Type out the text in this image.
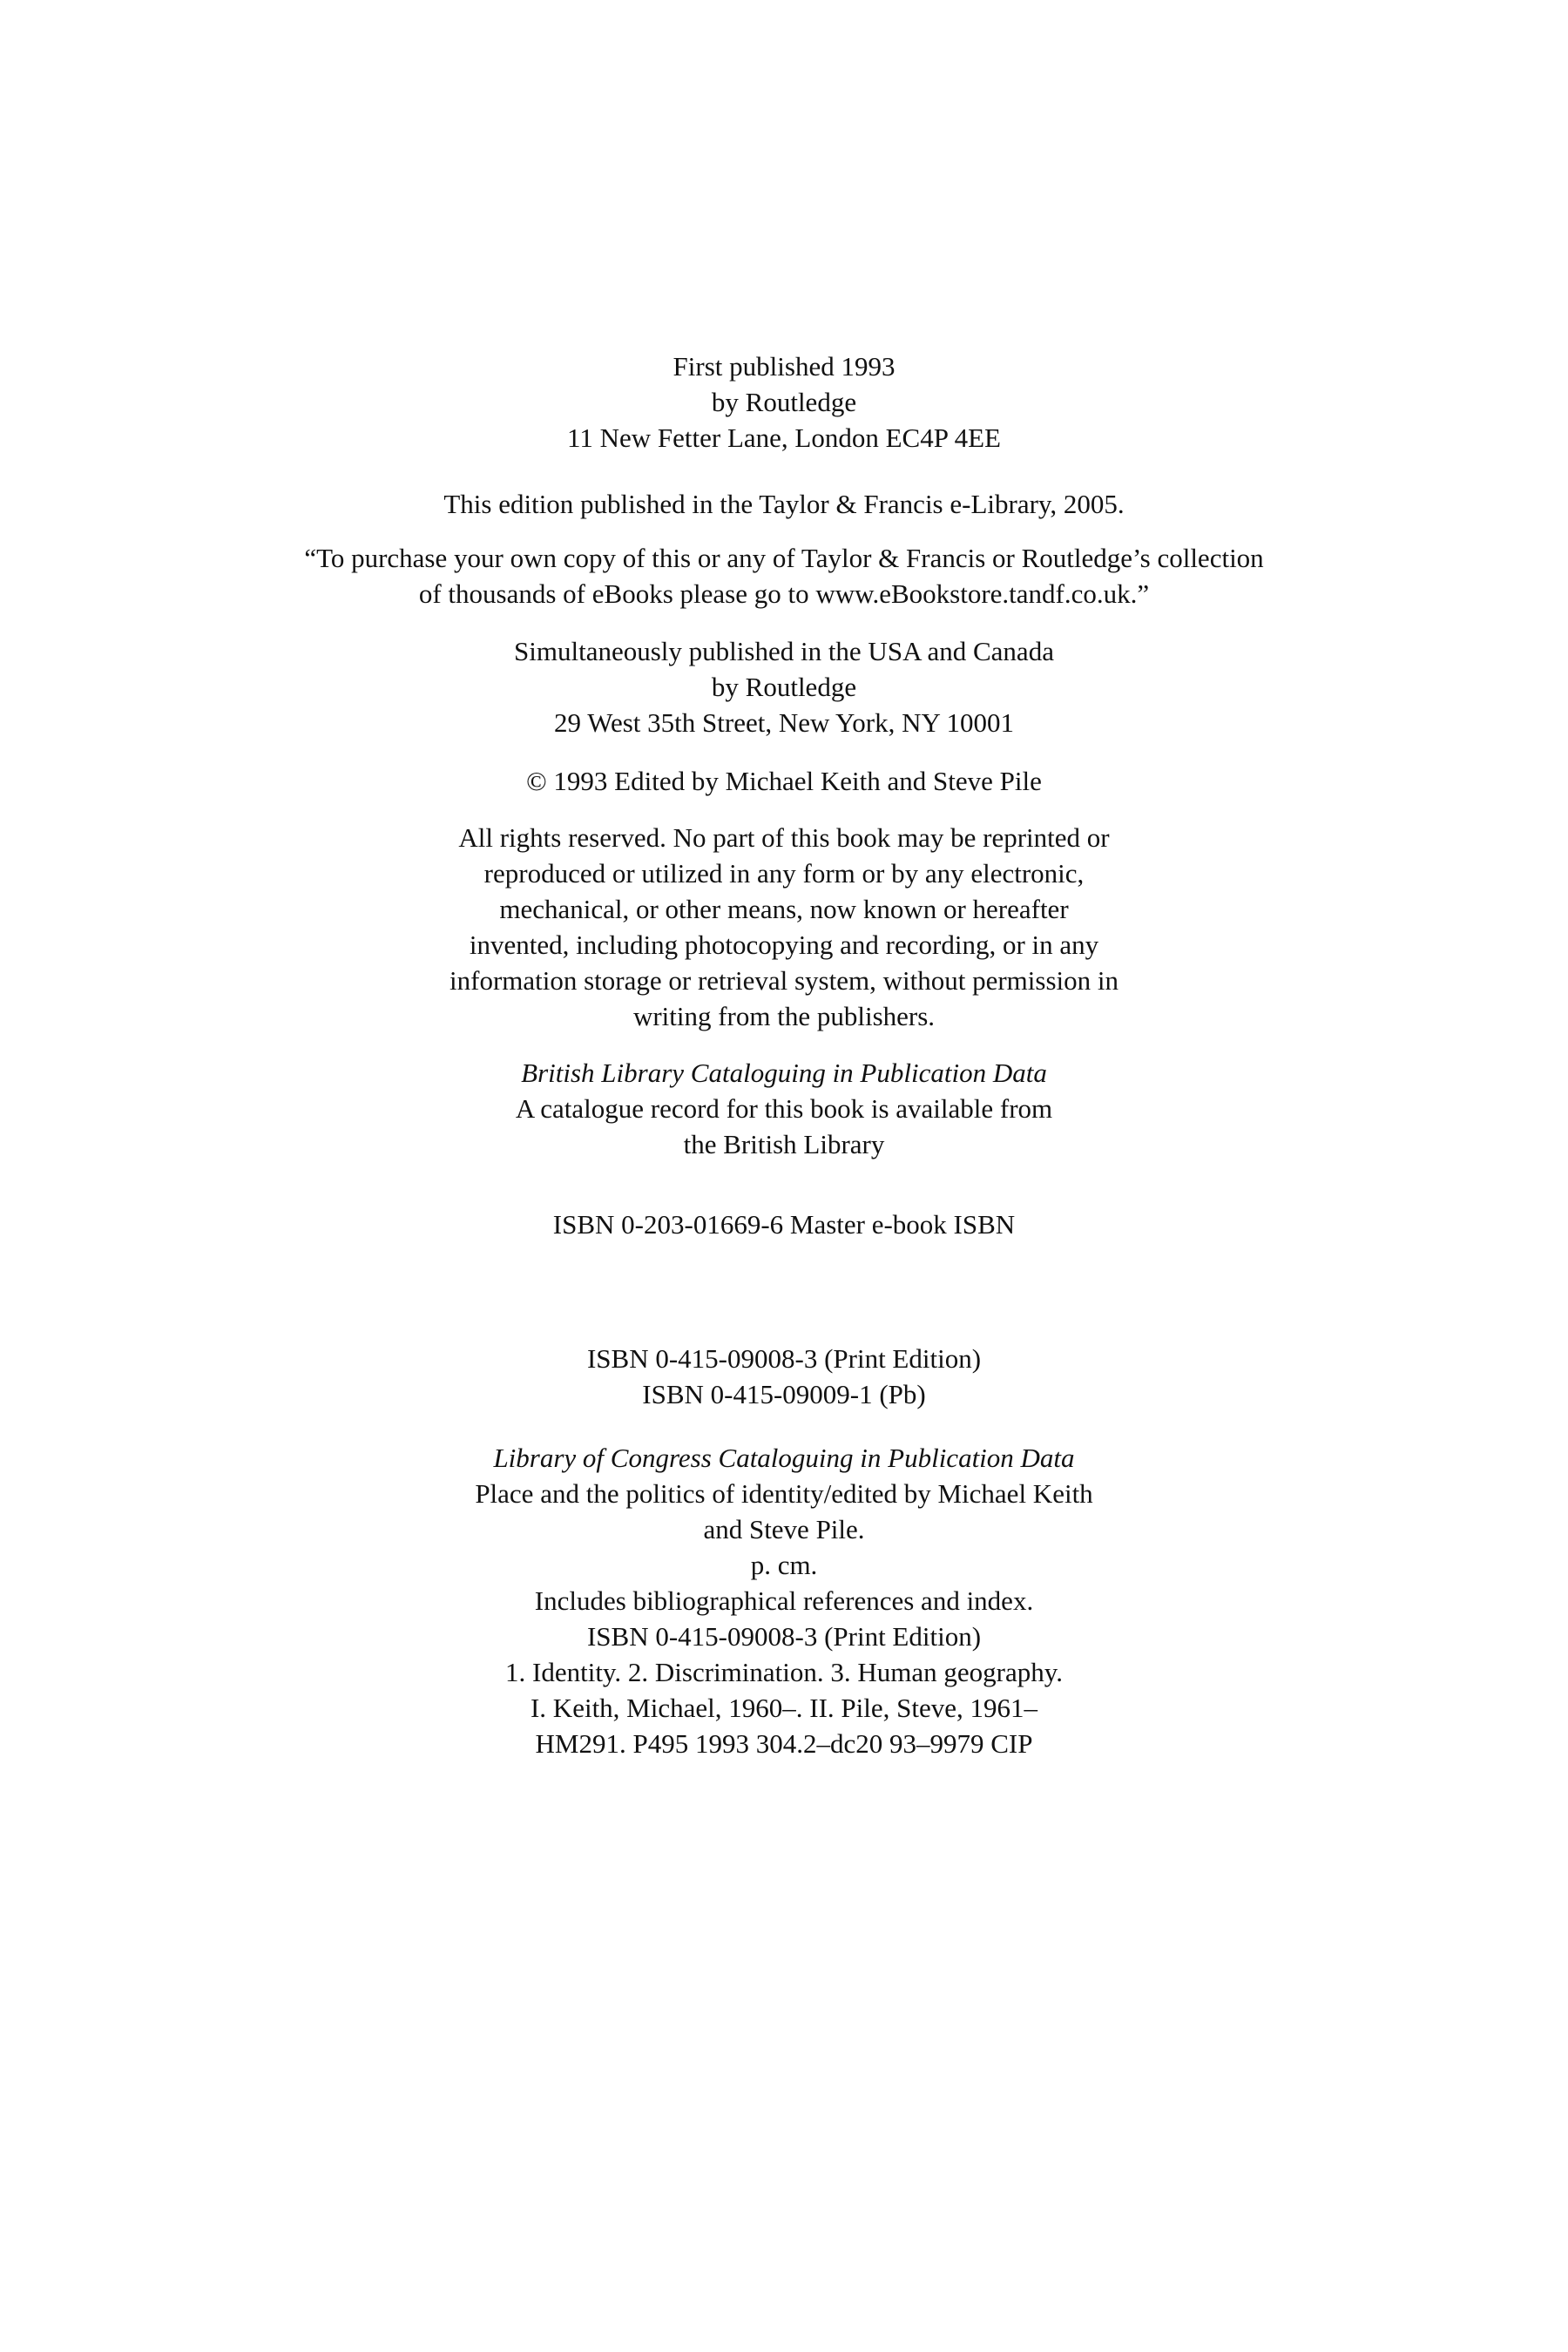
First published 1993
by Routledge
11 New Fetter Lane, London EC4P 4EE
This edition published in the Taylor & Francis e-Library, 2005.
“To purchase your own copy of this or any of Taylor & Francis or Routledge’s collection
of thousands of eBooks please go to www.eBookstore.tandf.co.uk.”
Simultaneously published in the USA and Canada
by Routledge
29 West 35th Street, New York, NY 10001
© 1993 Edited by Michael Keith and Steve Pile
All rights reserved. No part of this book may be reprinted or
reproduced or utilized in any form or by any electronic,
mechanical, or other means, now known or hereafter
invented, including photocopying and recording, or in any
information storage or retrieval system, without permission in
writing from the publishers.
British Library Cataloguing in Publication Data
A catalogue record for this book is available from
the British Library
ISBN 0-203-01669-6 Master e-book ISBN
ISBN 0-415-09008-3 (Print Edition)
ISBN 0-415-09009-1 (Pb)
Library of Congress Cataloguing in Publication Data
Place and the politics of identity/edited by Michael Keith
and Steve Pile.
p. cm.
Includes bibliographical references and index.
ISBN 0-415-09008-3 (Print Edition)
1. Identity. 2. Discrimination. 3. Human geography.
I. Keith, Michael, 1960–. II. Pile, Steve, 1961–
HM291. P495 1993 304.2–dc20 93–9979 CIP
